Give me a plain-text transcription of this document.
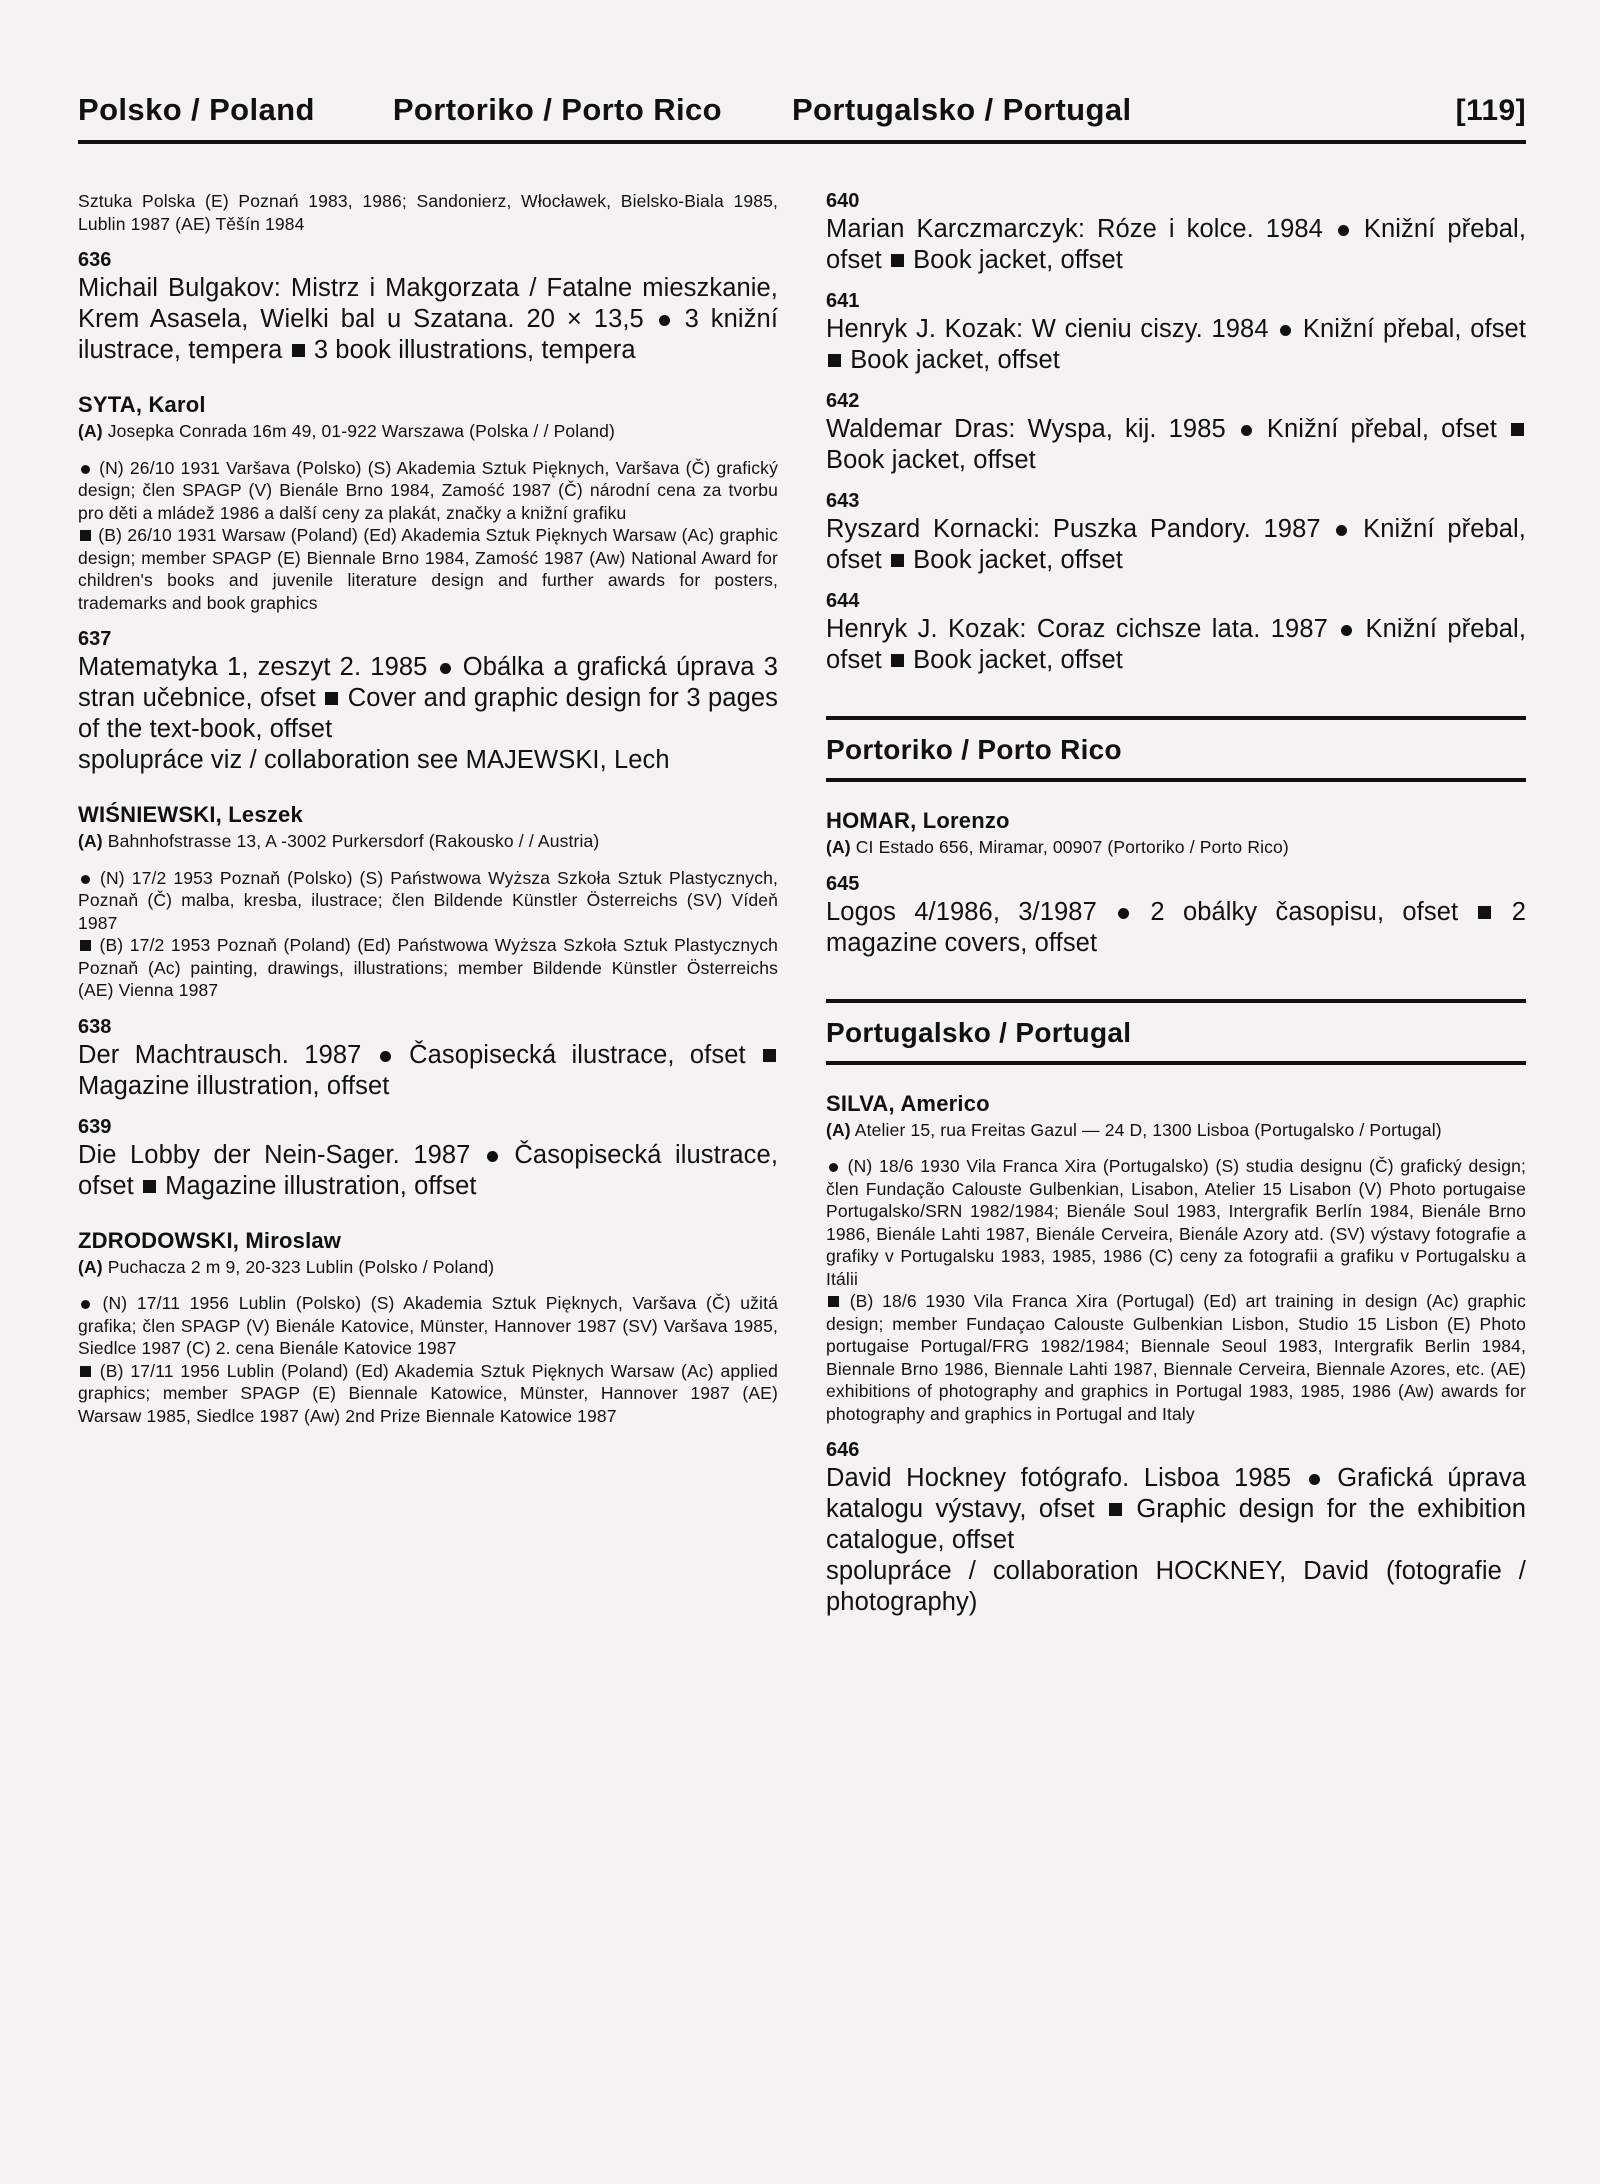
Polsko / Poland	Portoriko / Porto Rico Portugalsko / Portugal	[119]

Sztuka Polska (E) Poznań 1983, 1986; Sandonierz, Włocławek, Bielsko-Biala 1985, Lublin 1987 (AE) Těšín 1984

636

Michail Bulgakov: Mistrz i Makgorzata / Fatalne mieszkanie, Krem Asasela, Wielki bal u Szatana. 20 × 13,5 3 knižní ilustrace, tempera 3 book illustrations, tempera

SYTA, Karol

(A) Josepka Conrada 16m 49, 01-922 Warszawa (Polska / / Poland)

(N) 26/10 1931 Varšava (Polsko) (S) Akademia Sztuk Pięknych, Varšava (Č) grafický design; člen SPAGP (V) Bienále Brno 1984, Zamość 1987 (Č) národní cena za tvorbu pro děti a mládež 1986 a další ceny za plakát, značky a knižní grafiku

(B) 26/10 1931 Warsaw (Poland) (Ed) Akademia Sztuk Pięknych Warsaw (Ac) graphic design; member SPAGP (E) Biennale Brno 1984, Zamość 1987 (Aw) National Award for children's books and juvenile literature design and further awards for posters, trademarks and book graphics

637

Matematyka 1, zeszyt 2. 1985 Obálka a grafická úprava 3 stran učebnice, ofset Cover and graphic design for 3 pages of the text-book, offset

spolupráce viz / collaboration see MAJEWSKI, Lech

WIŚNIEWSKI, Leszek

(A) Bahnhofstrasse 13, A -3002 Purkersdorf (Rakousko / / Austria)

(N) 17/2 1953 Poznaň (Polsko) (S) Państwowa Wyższa Szkoła Sztuk Plastycznych, Poznaň (Č) malba, kresba, ilustrace; člen Bildende Künstler Österreichs (SV) Vídeň 1987

(B) 17/2 1953 Poznaň (Poland) (Ed) Państwowa Wyższa Szkoła Sztuk Plastycznych Poznaň (Ac) painting, drawings, illustrations; member Bildende Künstler Österreichs (AE) Vienna 1987

638

Der Machtrausch. 1987 Časopisecká ilustrace, ofset  Magazine illustration, offset

639

Die Lobby der Nein-Sager. 1987 Časopisecká ilustrace, ofset Magazine illustration, offset

ZDRODOWSKI, Miroslaw

(A) Puchacza 2 m 9, 20-323 Lublin (Polsko / Poland)

(N) 17/11 1956 Lublin (Polsko) (S) Akademia Sztuk Pięknych, Varšava (Č) užitá grafika; člen SPAGP (V) Bienále Katovice, Münster, Hannover 1987 (SV) Varšava 1985, Siedlce 1987 (C) 2. cena Bienále Katovice 1987

(B) 17/11 1956 Lublin (Poland) (Ed) Akademia Sztuk Pięknych Warsaw (Ac) applied graphics; member SPAGP (E) Biennale Katowice, Münster, Hannover 1987 (AE) Warsaw 1985, Siedlce 1987 (Aw) 2nd Prize Biennale Katowice 1987

640

Marian Karczmarczyk: Róze i kolce. 1984 Knižní přebal, ofset Book jacket, offset

641

Henryk J. Kozak: W cieniu ciszy. 1984 Knižní přebal, ofset  Book jacket, offset

642

Waldemar Dras: Wyspa, kij. 1985 Knižní přebal, ofset  Book jacket, offset

643

Ryszard Kornacki: Puszka Pandory. 1987 Knižní přebal, ofset Book jacket, offset

644

Henryk J. Kozak: Coraz cichsze lata. 1987 Knižní přebal, ofset Book jacket, offset

Portoriko / Porto Rico
HOMAR, Lorenzo

(A) CI Estado 656, Miramar, 00907 (Portoriko / Porto Rico)

645

Logos 4/1986, 3/1987 2 obálky časopisu, ofset 2 magazine covers, offset

Portugalsko / Portugal
SILVA, Americo

(A) Atelier 15, rua Freitas Gazul — 24 D, 1300 Lisboa (Portugalsko / Portugal)

(N) 18/6 1930 Vila Franca Xira (Portugalsko) (S) studia designu (Č) grafický design; člen Fundação Calouste Gulbenkian, Lisabon, Atelier 15 Lisabon (V) Photo portugaise Portugalsko/SRN 1982/1984; Bienále Soul 1983, Intergrafik Berlín 1984, Bienále Brno 1986, Bienále Lahti 1987, Bienále Cerveira, Bienále Azory atd. (SV) výstavy fotografie a grafiky v Portugalsku 1983, 1985, 1986 (C) ceny za fotografii a grafiku v Portugalsku a Itálii

(B) 18/6 1930 Vila Franca Xira (Portugal) (Ed) art training in design (Ac) graphic design; member Fundaçao Calouste Gulbenkian Lisbon, Studio 15 Lisbon (E) Photo portugaise Portugal/FRG 1982/1984; Biennale Seoul 1983, Intergrafik Berlin 1984, Biennale Brno 1986, Biennale Lahti 1987, Biennale Cerveira, Biennale Azores, etc. (AE) exhibitions of photography and graphics in Portugal 1983, 1985, 1986 (Aw) awards for photography and graphics in Portugal and Italy

646

David Hockney fotógrafo. Lisboa 1985 Grafická úprava katalogu výstavy, ofset Graphic design for the exhibition catalogue, offset

spolupráce / collaboration HOCKNEY, David (fotografie / photography)
